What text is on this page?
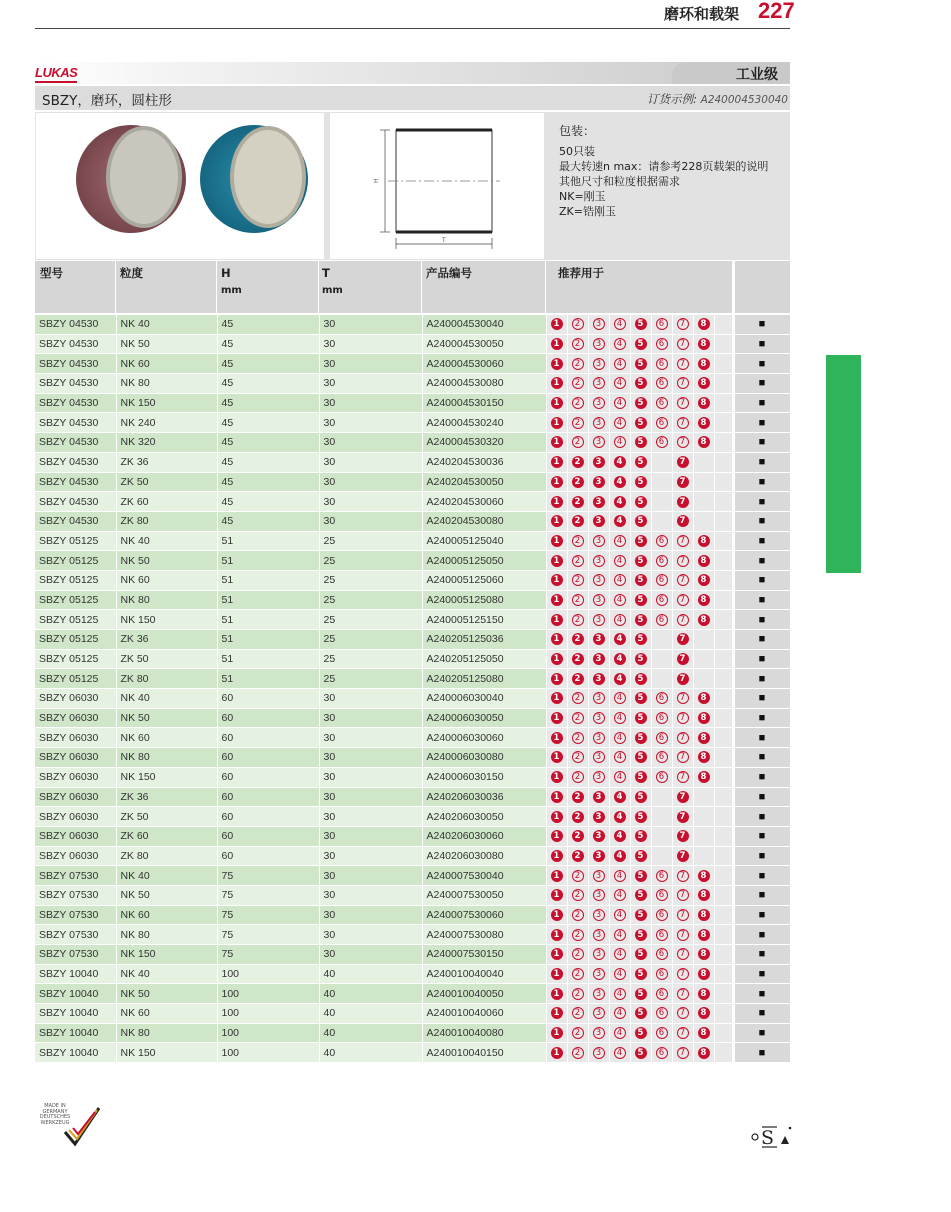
磨环和载架 227
LUKAS	工业级
SBZY，磨环，圆柱形	订货示例: A240004530040
H
T
包装：
50只装
最大转速n max：请参考228页载架的说明
其他尺寸和粒度根据需求
NK=刚玉
ZK=锆刚玉
型号	粒度	H
mm
T
mm
产品编号	推荐用于
SBZY 04530	NK 40	45	30	A240004530040	1	2	3	4	5	6	7	8		■
SBZY 04530	NK 50	45	30	A240004530050	1	2	3	4	5	6	7	8		■
SBZY 04530	NK 60	45	30	A240004530060	1	2	3	4	5	6	7	8		■
SBZY 04530	NK 80	45	30	A240004530080	1	2	3	4	5	6	7	8		■
SBZY 04530	NK 150	45	30	A240004530150	1	2	3	4	5	6	7	8		■
SBZY 04530	NK 240	45	30	A240004530240	1	2	3	4	5	6	7	8		■
SBZY 04530	NK 320	45	30	A240004530320	1	2	3	4	5	6	7	8		■
SBZY 04530	ZK 36	45	30	A240204530036	1	2	3	4	5		7			■
SBZY 04530	ZK 50	45	30	A240204530050	1	2	3	4	5		7			■
SBZY 04530	ZK 60	45	30	A240204530060	1	2	3	4	5		7			■
SBZY 04530	ZK 80	45	30	A240204530080	1	2	3	4	5		7			■
SBZY 05125	NK 40	51	25	A240005125040	1	2	3	4	5	6	7	8		■
SBZY 05125	NK 50	51	25	A240005125050	1	2	3	4	5	6	7	8		■
SBZY 05125	NK 60	51	25	A240005125060	1	2	3	4	5	6	7	8		■
SBZY 05125	NK 80	51	25	A240005125080	1	2	3	4	5	6	7	8		■
SBZY 05125	NK 150	51	25	A240005125150	1	2	3	4	5	6	7	8		■
SBZY 05125	ZK 36	51	25	A240205125036	1	2	3	4	5		7			■
SBZY 05125	ZK 50	51	25	A240205125050	1	2	3	4	5		7			■
SBZY 05125	ZK 80	51	25	A240205125080	1	2	3	4	5		7			■
SBZY 06030	NK 40	60	30	A240006030040	1	2	3	4	5	6	7	8		■
SBZY 06030	NK 50	60	30	A240006030050	1	2	3	4	5	6	7	8		■
SBZY 06030	NK 60	60	30	A240006030060	1	2	3	4	5	6	7	8		■
SBZY 06030	NK 80	60	30	A240006030080	1	2	3	4	5	6	7	8		■
SBZY 06030	NK 150	60	30	A240006030150	1	2	3	4	5	6	7	8		■
SBZY 06030	ZK 36	60	30	A240206030036	1	2	3	4	5		7			■
SBZY 06030	ZK 50	60	30	A240206030050	1	2	3	4	5		7			■
SBZY 06030	ZK 60	60	30	A240206030060	1	2	3	4	5		7			■
SBZY 06030	ZK 80	60	30	A240206030080	1	2	3	4	5		7			■
SBZY 07530	NK 40	75	30	A240007530040	1	2	3	4	5	6	7	8		■
SBZY 07530	NK 50	75	30	A240007530050	1	2	3	4	5	6	7	8		■
SBZY 07530	NK 60	75	30	A240007530060	1	2	3	4	5	6	7	8		■
SBZY 07530	NK 80	75	30	A240007530080	1	2	3	4	5	6	7	8		■
SBZY 07530	NK 150	75	30	A240007530150	1	2	3	4	5	6	7	8		■
SBZY 10040	NK 40	100	40	A240010040040	1	2	3	4	5	6	7	8		■
SBZY 10040	NK 50	100	40	A240010040050	1	2	3	4	5	6	7	8		■
SBZY 10040	NK 60	100	40	A240010040060	1	2	3	4	5	6	7	8		■
SBZY 10040	NK 80	100	40	A240010040080	1	2	3	4	5	6	7	8		■
SBZY 10040	NK 150	100	40	A240010040150	1	2	3	4	5	6	7	8		■
MADE IN GERMANY
DEUTSCHES
WERKZEUG
S
